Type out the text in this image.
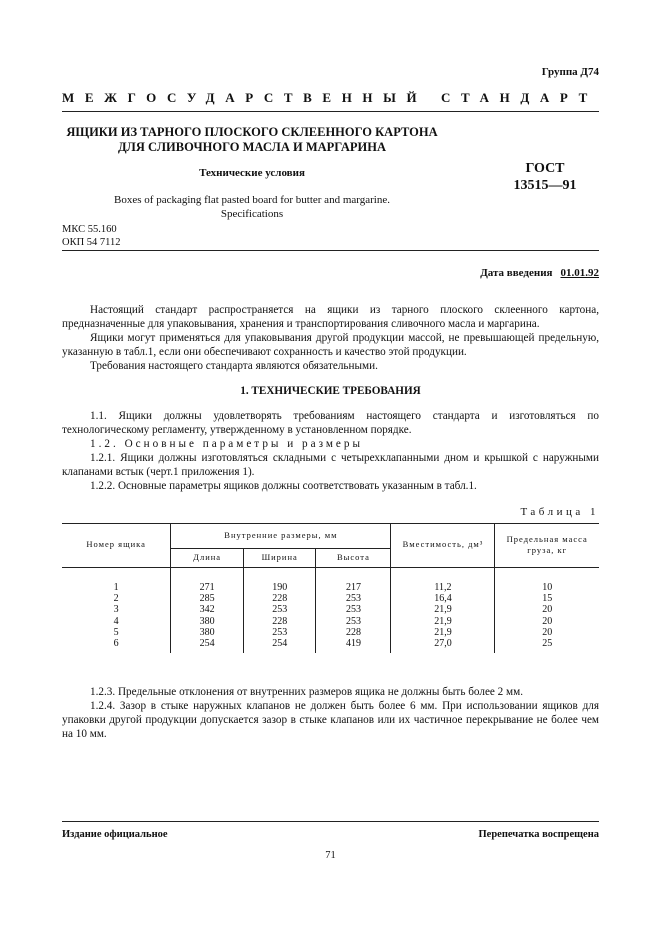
Группа Д74
МЕЖГОСУДАРСТВЕННЫЙ СТАНДАРТ
ЯЩИКИ ИЗ ТАРНОГО ПЛОСКОГО СКЛЕЕННОГО КАРТОНА
ДЛЯ СЛИВОЧНОГО МАСЛА И МАРГАРИНА
Технические условия
Boxes of packaging flat pasted board for butter and margarine.
Specifications
ГОСТ
13515—91
МКС 55.160
ОКП 54 7112
Дата введения 01.01.92
Настоящий стандарт распространяется на ящики из тарного плоского склеенного картона, предназначенные для упаковывания, хранения и транспортирования сливочного масла и маргарина.
Ящики могут применяться для упаковывания другой продукции массой, не превышающей предельную, указанную в табл.1, если они обеспечивают сохранность и качество этой продукции.
Требования настоящего стандарта являются обязательными.
1. ТЕХНИЧЕСКИЕ ТРЕБОВАНИЯ
1.1. Ящики должны удовлетворять требованиям настоящего стандарта и изготовляться по технологическому регламенту, утвержденному в установленном порядке.
1.2. Основные параметры и размеры
1.2.1. Ящики должны изготовляться складными с четырехклапанными дном и крышкой с наружными клапанами встык (черт.1 приложения 1).
1.2.2. Основные параметры ящиков должны соответствовать указанным в табл.1.
Таблица 1
Номер ящика	Внутренние размеры, мм			Вместимость, дм³	Предельная масса груза, кг
	Длина	Ширина	Высота		

1	271	190	217	11,2	10
2	285	228	253	16,4	15
3	342	253	253	21,9	20
4	380	228	253	21,9	20
5	380	253	228	21,9	20
6	254	254	419	27,0	25

1.2.3. Предельные отклонения от внутренних размеров ящика не должны быть более 2 мм.
1.2.4. Зазор в стыке наружных клапанов не должен быть более 6 мм. При использовании ящиков для упаковки другой продукции допускается зазор в стыке клапанов или их частичное перекрывание не более чем на 10 мм.
Издание официальное	Перепечатка воспрещена
71
